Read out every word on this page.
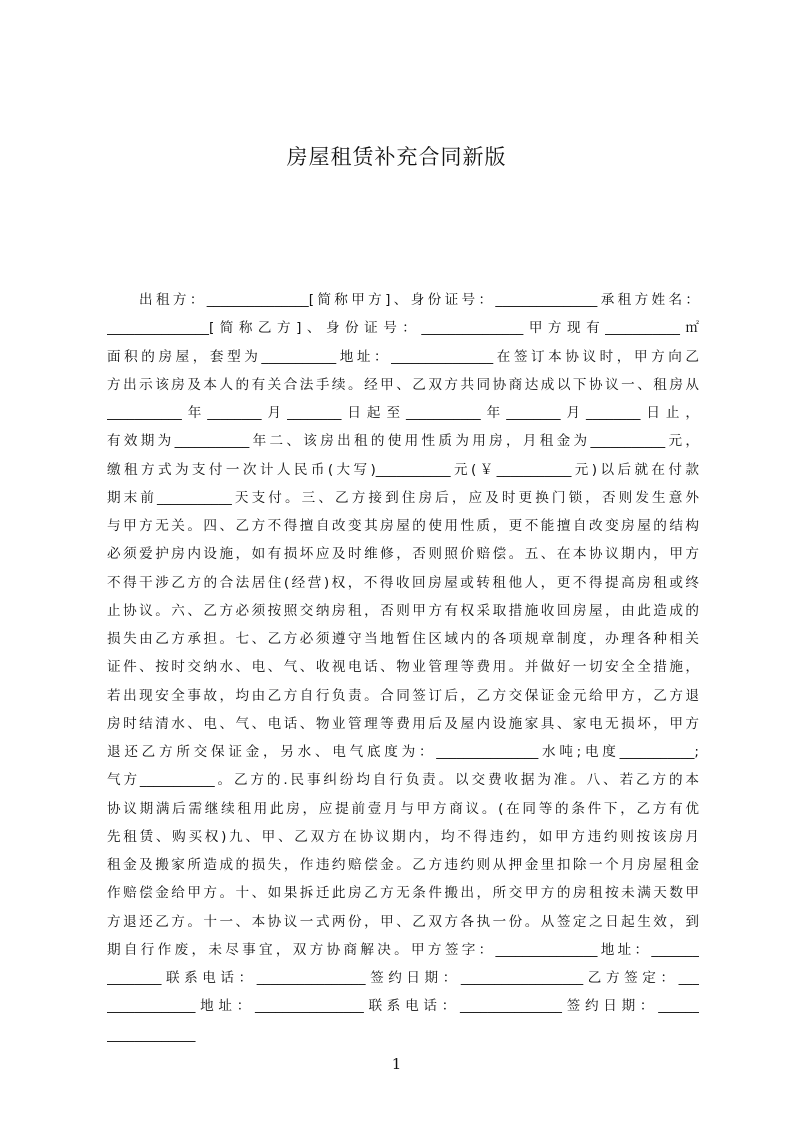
房屋租赁补充合同新版
出租方：_______________[简称甲方]、身份证号：_______________承租方姓名：
_______________[简称乙方]、身份证号：_______________甲方现有___________㎡
面积的房屋，套型为___________地址：_______________在签订本协议时，甲方向乙
方出示该房及本人的有关合法手续。经甲、乙双方共同协商达成以下协议一、租房从
___________年________月________日起至___________年________月________日止，
有效期为___________年二、该房出租的使用性质为用房，月租金为___________元，
缴租方式为支付一次计人民币(大写)___________元(￥___________元)以后就在付款
期末前___________天支付。三、乙方接到住房后，应及时更换门锁，否则发生意外
与甲方无关。四、乙方不得擅自改变其房屋的使用性质，更不能擅自改变房屋的结构
必须爱护房内设施，如有损坏应及时维修，否则照价赔偿。五、在本协议期内，甲方
不得干涉乙方的合法居住(经营)权，不得收回房屋或转租他人，更不得提高房租或终
止协议。六、乙方必须按照交纳房租，否则甲方有权采取措施收回房屋，由此造成的
损失由乙方承担。七、乙方必须遵守当地暂住区域内的各项规章制度，办理各种相关
证件、按时交纳水、电、气、收视电话、物业管理等费用。并做好一切安全全措施，
若出现安全事故，均由乙方自行负责。合同签订后，乙方交保证金元给甲方，乙方退
房时结清水、电、气、电话、物业管理等费用后及屋内设施家具、家电无损坏，甲方
退还乙方所交保证金，另水、电气底度为：_______________水吨;电度___________;
气方___________。乙方的.民事纠纷均自行负责。以交费收据为准。八、若乙方的本
协议期满后需继续租用此房，应提前壹月与甲方商议。(在同等的条件下，乙方有优
先租赁、购买权)九、甲、乙双方在协议期内，均不得违约，如甲方违约则按该房月
租金及搬家所造成的损失，作违约赔偿金。乙方违约则从押金里扣除一个月房屋租金
作赔偿金给甲方。十、如果拆迁此房乙方无条件搬出，所交甲方的房租按未满天数甲
方退还乙方。十一、本协议一式两份，甲、乙双方各执一份。从签定之日起生效，到
期自行作废，未尽事宜，双方协商解决。甲方签字：_______________地址：_______
________联系电话：________________签约日期：__________________乙方签定：___
_____________地址：________________联系电话：_______________签约日期：______
_____________
1
